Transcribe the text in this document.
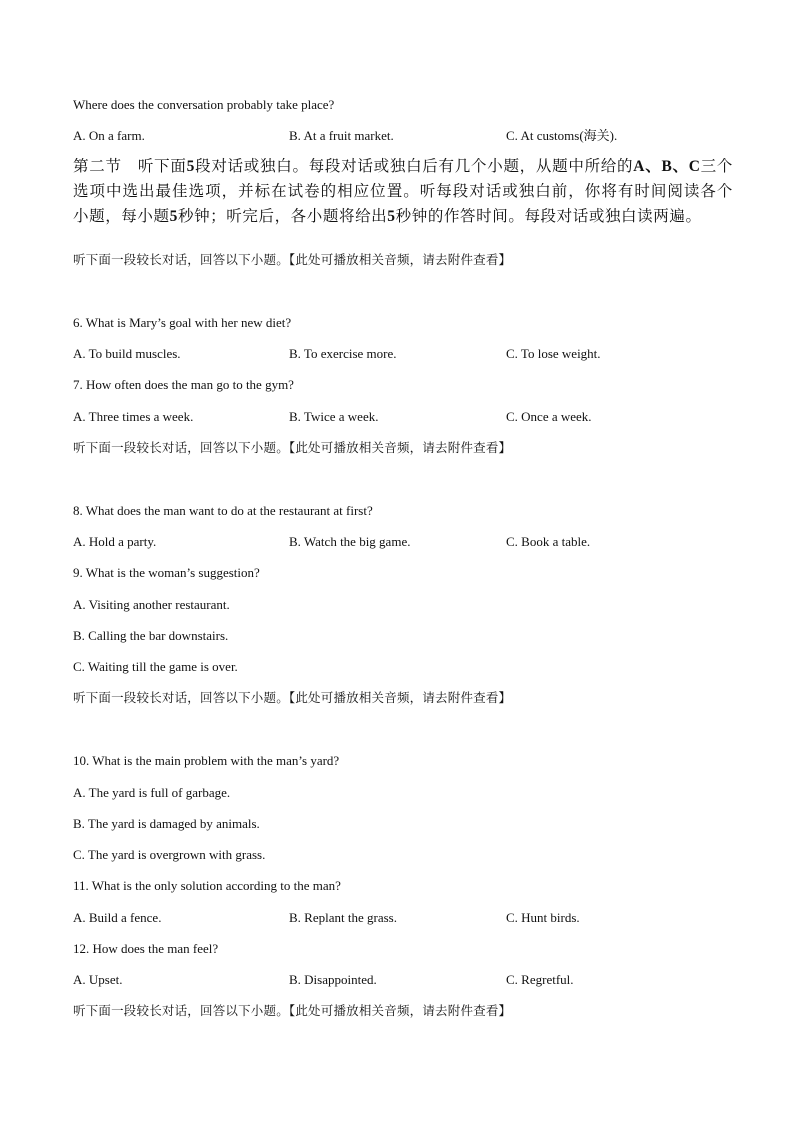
Where does the conversation probably take place?
A. On a farm.	B. At a fruit market.	C. At customs(海关).
第二节　听下面5段对话或独白。每段对话或独白后有几个小题，从题中所给的A、B、C三个选项中选出最佳选项，并标在试卷的相应位置。听每段对话或独白前，你将有时间阅读各个小题，每小题5秒钟；听完后，各小题将给出5秒钟的作答时间。每段对话或独白读两遍。
听下面一段较长对话，回答以下小题。【此处可播放相关音频，请去附件查看】
6. What is Mary’s goal with her new diet?
A. To build muscles.	B. To exercise more.	C. To lose weight.
7. How often does the man go to the gym?
A. Three times a week.	B. Twice a week.	C. Once a week.
听下面一段较长对话，回答以下小题。【此处可播放相关音频，请去附件查看】
8. What does the man want to do at the restaurant at first?
A. Hold a party.	B. Watch the big game.	C. Book a table.
9. What is the woman’s suggestion?
A. Visiting another restaurant.
B. Calling the bar downstairs.
C. Waiting till the game is over.
听下面一段较长对话，回答以下小题。【此处可播放相关音频，请去附件查看】
10. What is the main problem with the man’s yard?
A. The yard is full of garbage.
B. The yard is damaged by animals.
C. The yard is overgrown with grass.
11. What is the only solution according to the man?
A. Build a fence.	B. Replant the grass.	C. Hunt birds.
12. How does the man feel?
A. Upset.	B. Disappointed.	C. Regretful.
听下面一段较长对话，回答以下小题。【此处可播放相关音频，请去附件查看】
